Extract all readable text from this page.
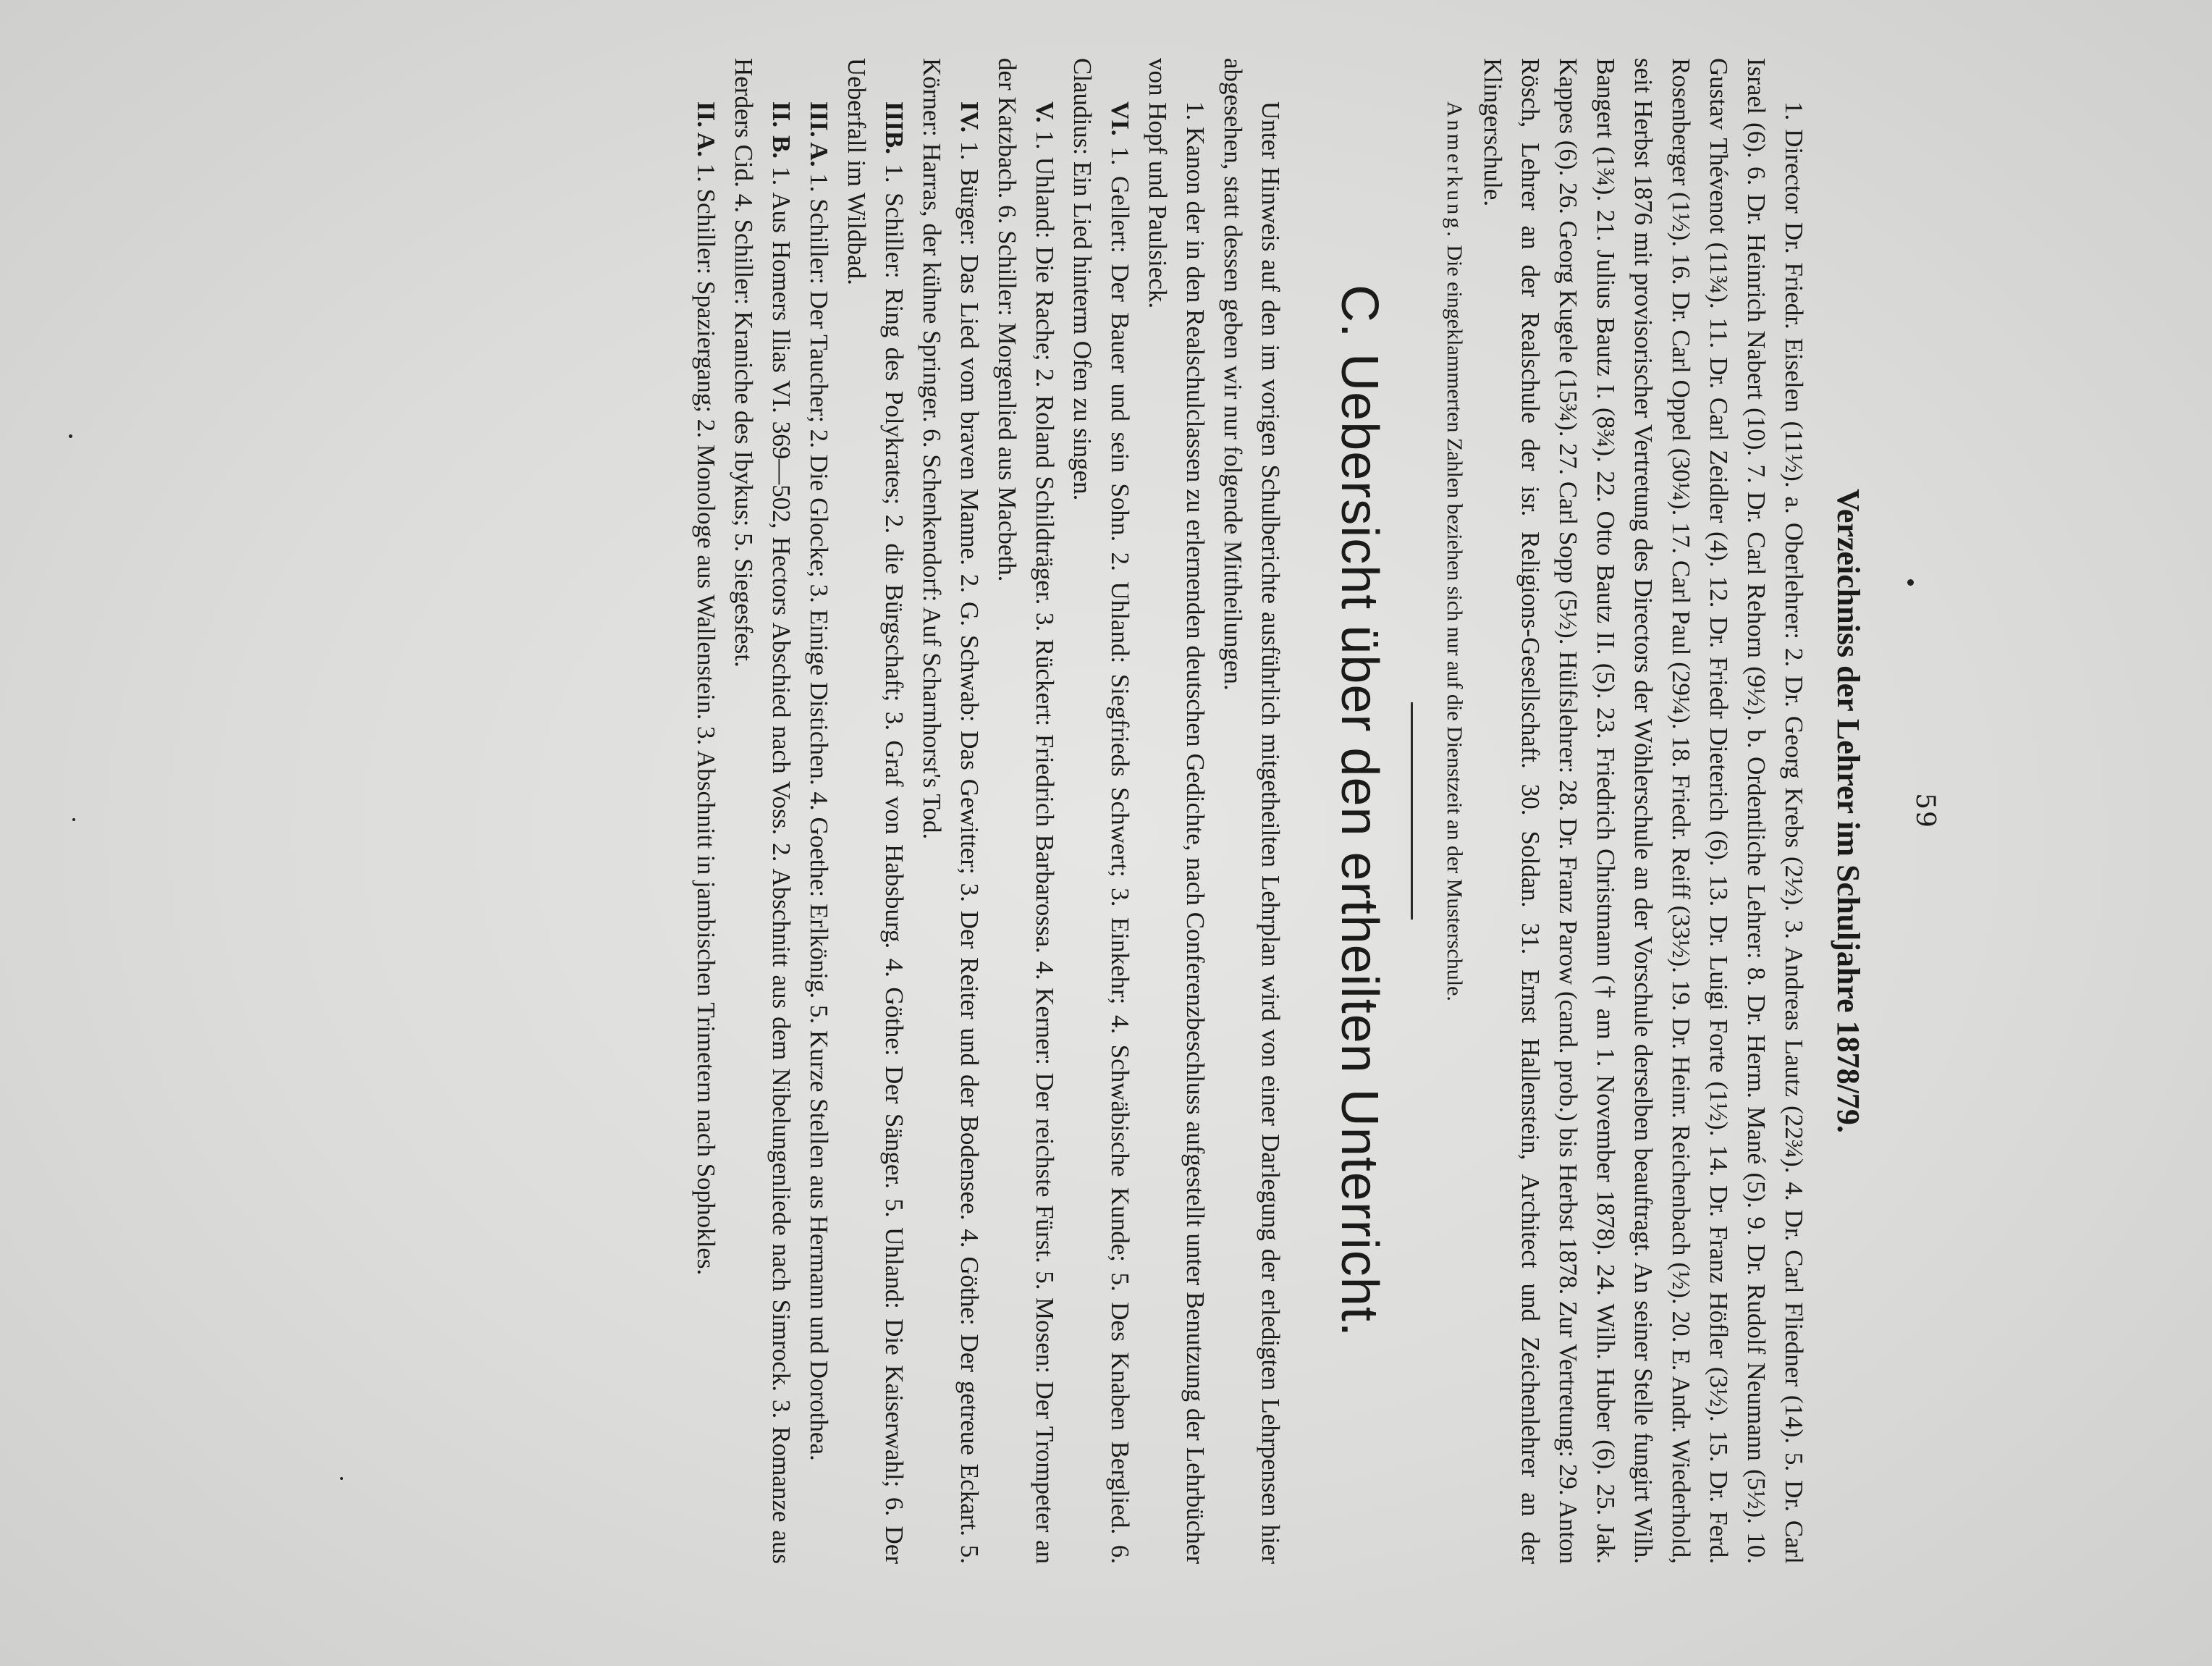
59
Verzeichniss der Lehrer im Schuljahre 1878/79.

1. Director Dr. Friedr. Eiselen (11½). a. Oberlehrer: 2. Dr. Georg Krebs (2½). 3. Andreas Lautz (22¾). 4. Dr. Carl Fliedner (14). 5. Dr. Carl Israel (6). 6. Dr. Heinrich Nabert (10). 7. Dr. Carl Rehorn (9½). b. Ordentliche Lehrer: 8. Dr. Herm. Mané (5). 9. Dr. Rudolf Neumann (5½). 10. Gustav Thévenot (11¾). 11. Dr. Carl Zeidler (4). 12. Dr. Friedr Dieterich (6). 13. Dr. Luigi Forte (1½). 14. Dr. Franz Höfler (3½). 15. Dr. Ferd. Rosenberger (1½). 16. Dr. Carl Oppel (30¼). 17. Carl Paul (29¼). 18. Friedr. Reiff (33½). 19. Dr. Heinr. Reichenbach (½). 20. E. Andr. Wiederhold, seit Herbst 1876 mit provisorischer Vertretung des Directors der Wöhlerschule an der Vorschule derselben beauftragt. An seiner Stelle fungirt Wilh. Bangert (1¾). 21. Julius Bautz I. (8¾). 22. Otto Bautz II. (5). 23. Friedrich Christmann († am 1. November 1878). 24. Wilh. Huber (6). 25. Jak. Kappes (6). 26. Georg Kugele (15¾). 27. Carl Sopp (5½). Hülfslehrer: 28. Dr. Franz Parow (cand. prob.) bis Herbst 1878. Zur Vertretung: 29. Anton Rösch, Lehrer an der Realschule der isr. Religions-Gesellschaft. 30. Soldan. 31. Ernst Hallenstein, Architect und Zeichenlehrer an der Klingerschule.

Anmerkung. Die eingeklammerten Zahlen beziehen sich nur auf die Dienstzeit an der Musterschule.

C. Uebersicht über den ertheilten Unterricht.

Unter Hinweis auf den im vorigen Schulberichte ausführlich mitgetheilten Lehrplan wird von einer Darlegung der erledigten Lehrpensen hier abgesehen, statt dessen geben wir nur folgende Mittheilungen.

1. Kanon der in den Realschulclassen zu erlernenden deutschen Gedichte, nach Conferenzbeschluss aufgestellt unter Benutzung der Lehrbücher von Hopf und Paulsieck.

VI. 1. Gellert: Der Bauer und sein Sohn. 2. Uhland: Siegfrieds Schwert; 3. Einkehr; 4. Schwäbische Kunde; 5. Des Knaben Berglied. 6. Claudius: Ein Lied hinterm Ofen zu singen.

V. 1. Uhland: Die Rache; 2. Roland Schildträger. 3. Rückert: Friedrich Barbarossa. 4. Kerner: Der reichste Fürst. 5. Mosen: Der Trompeter an der Katzbach. 6. Schiller: Morgenlied aus Macbeth.

IV. 1. Bürger: Das Lied vom braven Manne. 2. G. Schwab: Das Gewitter; 3. Der Reiter und der Bodensee. 4. Göthe: Der getreue Eckart. 5. Körner: Harras, der kühne Springer. 6. Schenkendorf: Auf Scharnhorst's Tod.

IIIB. 1. Schiller: Ring des Polykrates; 2. die Bürgschaft; 3. Graf von Habsburg. 4. Göthe: Der Sänger. 5. Uhland: Die Kaiserwahl; 6. Der Ueberfall im Wildbad.

III. A. 1. Schiller: Der Taucher; 2. Die Glocke; 3. Einige Distichen. 4. Goethe: Erlkönig. 5. Kurze Stellen aus Hermann und Dorothea.

II. B. 1. Aus Homers Ilias VI. 369—502, Hectors Abschied nach Voss. 2. Abschnitt aus dem Nibelungenliede nach Simrock. 3. Romanze aus Herders Cid. 4. Schiller: Kraniche des Ibykus; 5. Siegesfest.

II. A. 1. Schiller: Spaziergang; 2. Monologe aus Wallenstein. 3. Abschnitt in jambischen Trimetern nach Sophokles.
